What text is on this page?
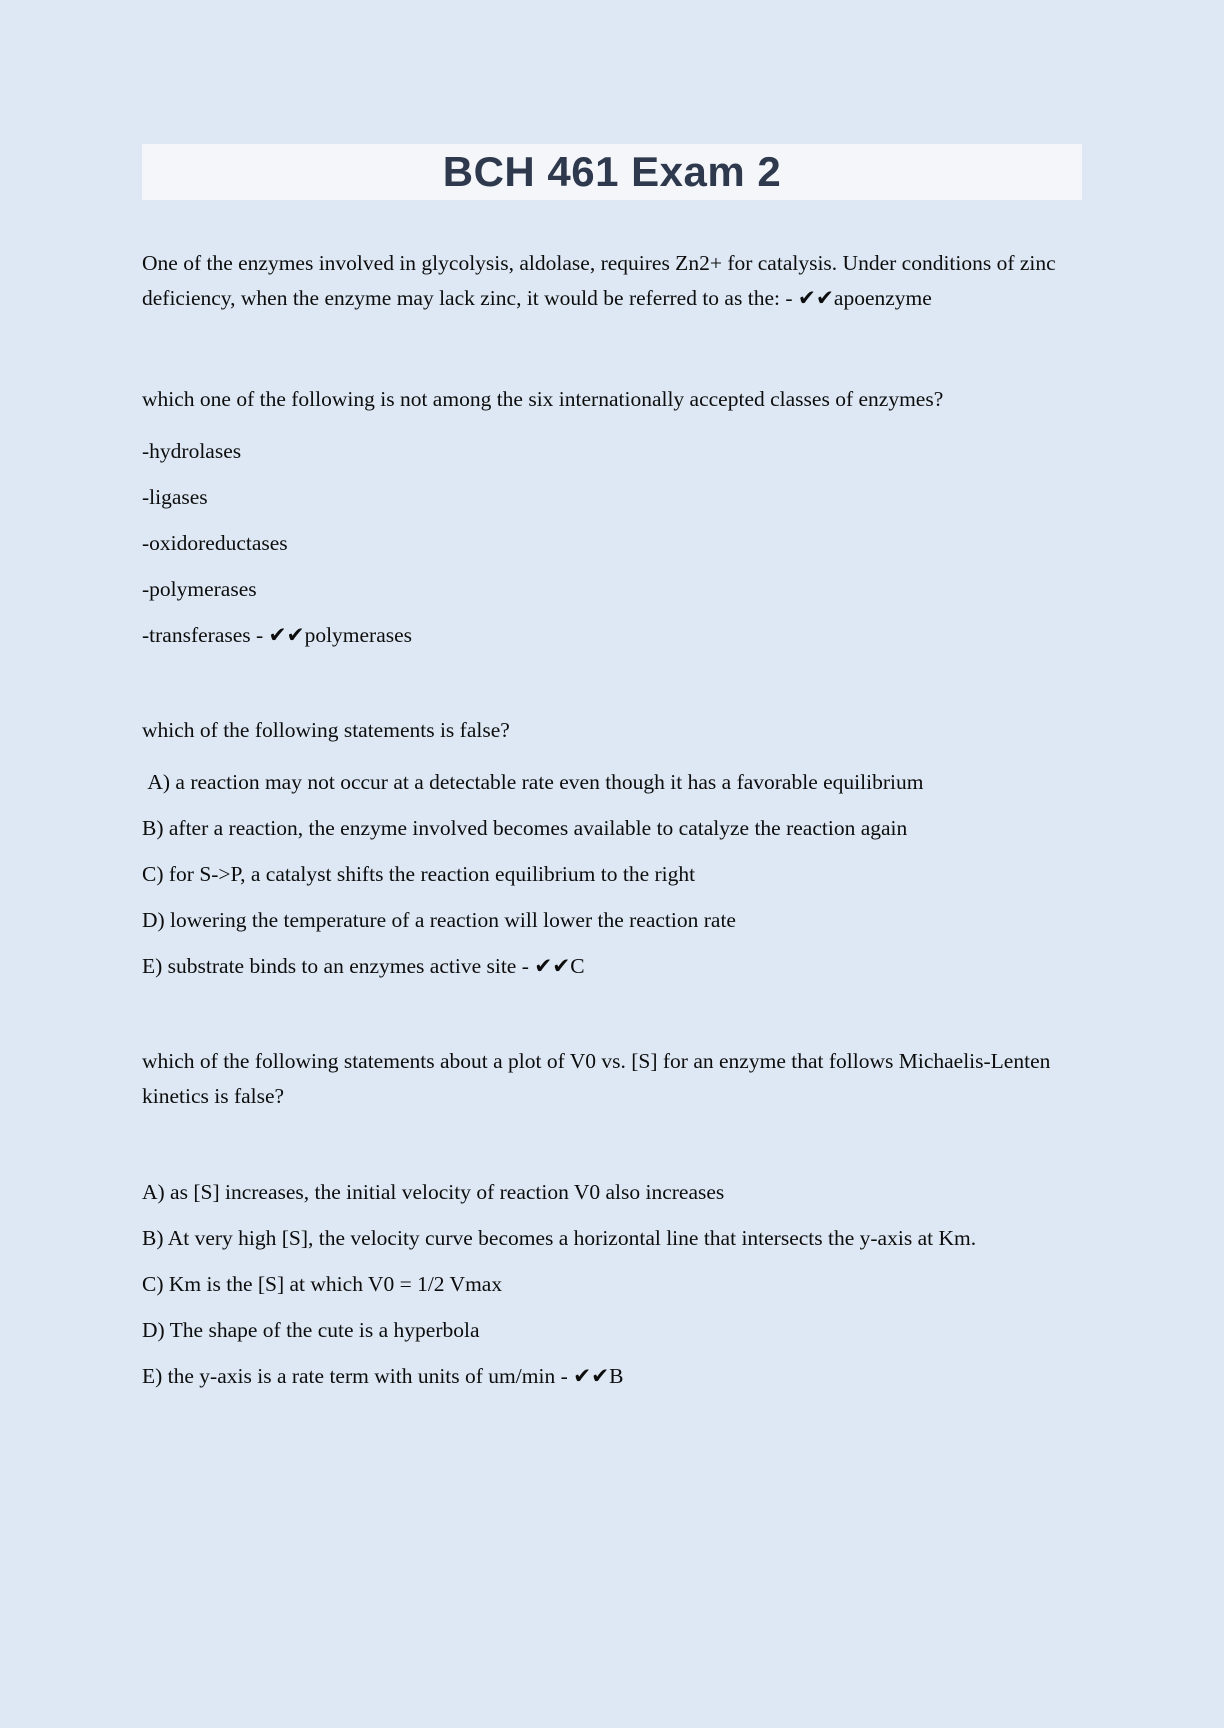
BCH 461 Exam 2

One of the enzymes involved in glycolysis, aldolase, requires Zn2+ for catalysis. Under conditions of zinc deficiency, when the enzyme may lack zinc, it would be referred to as the: - ✔✔apoenzyme

which one of the following is not among the six internationally accepted classes of enzymes?

-hydrolases

-ligases

-oxidoreductases

-polymerases

-transferases - ✔✔polymerases

which of the following statements is false?

A) a reaction may not occur at a detectable rate even though it has a favorable equilibrium

B) after a reaction, the enzyme involved becomes available to catalyze the reaction again

C) for S->P, a catalyst shifts the reaction equilibrium to the right

D) lowering the temperature of a reaction will lower the reaction rate

E) substrate binds to an enzymes active site - ✔✔C

which of the following statements about a plot of V0 vs. [S] for an enzyme that follows Michaelis-Lenten kinetics is false?

A) as [S] increases, the initial velocity of reaction V0 also increases

B) At very high [S], the velocity curve becomes a horizontal line that intersects the y-axis at Km.

C) Km is the [S] at which V0 = 1/2 Vmax

D) The shape of the cute is a hyperbola

E) the y-axis is a rate term with units of um/min - ✔✔B
